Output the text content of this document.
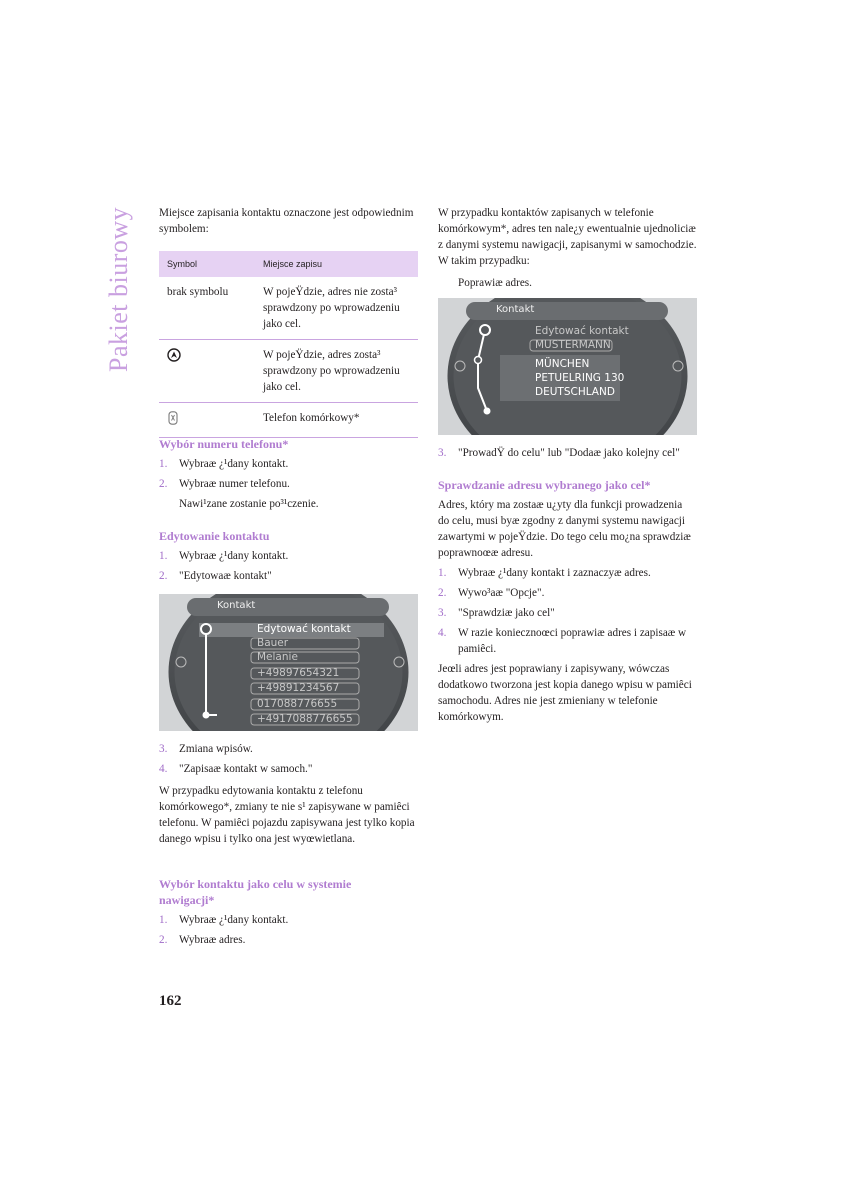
Pakiet biurowy	Miejsce zapisania kontaktu oznaczone jest odpowiednim symbolem:

Symbol	Miejsce zapisu
brak symbolu	W pojeŸdzie, adres nie zosta³ sprawdzony po wprowadzeniu jako cel.
	W pojeŸdzie, adres zosta³ sprawdzony po wprowadzeniu jako cel.
	Telefon komórkowy*

Wybór numeru telefonu*

1.	Wybraæ ¿¹dany kontakt.

2.	Wybraæ numer telefonu.

Nawi¹zane zostanie po³¹czenie.

Edytowanie kontaktu

1.	Wybraæ ¿¹dany kontakt.

2.	"Edytowaæ kontakt"

Kontakt
Edytować kontakt
Bauer
Melanie
+49897654321
+49891234567
017088776655
+4917088776655

3.	Zmiana wpisów.

4.	"Zapisaæ kontakt w samoch."

W przypadku edytowania kontaktu z telefonu komórkowego*, zmiany te nie s¹ zapisywane w pamiêci telefonu. W pamiêci pojazdu zapisywana jest tylko kopia danego wpisu i tylko ona jest wyœwietlana.

Wybór kontaktu jako celu w systemie nawigacji*

1.	Wybraæ ¿¹dany kontakt.

2.	Wybraæ adres.

162

W przypadku kontaktów zapisanych w telefonie komórkowym*, adres ten nale¿y ewentualnie ujednoliciæ z danymi systemu nawigacji, zapisanymi w samochodzie. W takim przypadku:

Poprawiæ adres.

Kontakt
Edytować kontakt
MUSTERMANN
MÜNCHEN
PETUELRING 130
DEUTSCHLAND

3.	"ProwadŸ do celu" lub "Dodaæ jako kolejny cel"

Sprawdzanie adresu wybranego jako cel*

Adres, który ma zostaæ u¿yty dla funkcji prowadzenia do celu, musi byæ zgodny z danymi systemu nawigacji zawartymi w pojeŸdzie. Do tego celu mo¿na sprawdziæ poprawnoœæ adresu.

1.	Wybraæ ¿¹dany kontakt i zaznaczyæ adres.

2.	Wywo³aæ "Opcje".

3.	"Sprawdziæ jako cel"

4.	W razie koniecznoœci poprawiæ adres i zapisaæ w pamiêci.

Jeœli adres jest poprawiany i zapisywany, wówczas dodatkowo tworzona jest kopia danego wpisu w pamiêci samochodu. Adres nie jest zmieniany w telefonie komórkowym.
